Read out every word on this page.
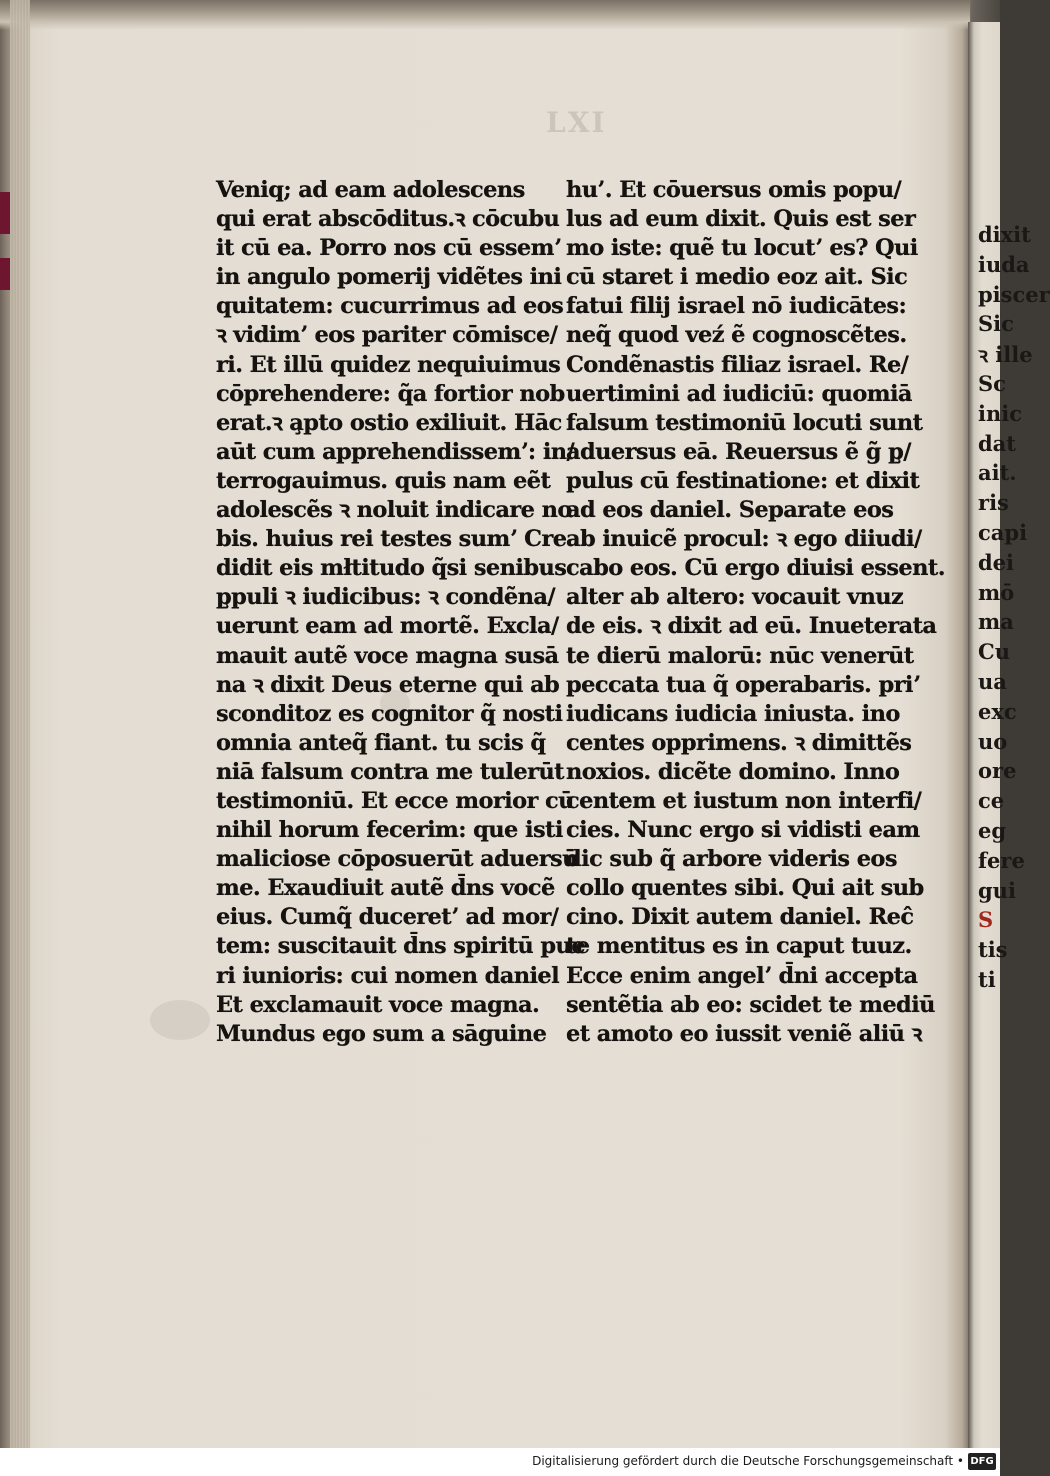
LXI
Veniq; ad eam adolescens
qui erat abscōditus.ꝛ cōcubu
it cū ea. Porro nos cū essemʼ
in angulo pomerij vidẽtes ini
quitatem: cucurrimus ad eos
ꝛ vidimʼ eos pariter cōmisce/
ri. Et illū quidez nequiuimus
cōprehendere: q̃a fortior nob
erat.ꝛ a̧pto ostio exiliuit. Hāc
aūt cum apprehendissemʼ: in/
terrogauimus. quis nam eẽt
adolescẽs ꝛ noluit indicare no
bis. huius rei testes sumʼ Cre
didit eis młtitudo q̃si senibus
p̧puli ꝛ iudicibus: ꝛ condẽna/
uerunt eam ad mortẽ. Excla/
mauit autẽ voce magna susā
na ꝛ dixit Deus eterne qui ab
sconditoz es cognitor q̃ nosti
omnia anteq̃ fiant. tu scis q̃
niā falsum contra me tulerūt
testimoniū. Et ecce morior cū
nihil horum fecerim: que isti
maliciose cōposuerūt aduersū
me. Exaudiuit autẽ d̄ns vocẽ
eius. Cumq̃ duceretʼ ad mor/
tem: suscitauit d̄ns spiritū pue
ri iunioris: cui nomen daniel
Et exclamauit voce magna.
Mundus ego sum a sāguine
hu’. Et cōuersus omis popu/
lus ad eum dixit. Quis est ser
mo iste: quẽ tu locutʼ es? Qui
cū staret i medio eoz ait. Sic
fatui filij israel nō iudicātes:
neq̃ quod veź ẽ cognoscẽtes.
Condẽnastis filiaz israel. Re/
uertimini ad iudiciū: quomiā
falsum testimoniū locuti sunt
aduersus eā. Reuersus ẽ g̃ p̧/
pulus cū festinatione: et dixit
ad eos daniel. Separate eos
ab inuicẽ procul: ꝛ ego diiudi/
cabo eos. Cū ergo diuisi essent.
alter ab altero: vocauit vnuz
de eis. ꝛ dixit ad eū. Inueterata
te dierū malorū: nūc venerūt
peccata tua q̃ operabaris. priʼ
iudicans iudicia iniusta. ino
centes opprimens. ꝛ dimittẽs
noxios. dicẽte domino. Inno
centem et iustum non interfi/
cies. Nunc ergo si vidisti eam
dic sub q̃ arbore videris eos
collo quentes sibi. Qui ait sub
cino. Dixit autem daniel. Reĉ
te mentitus es in caput tuuz.
Ecce enim angelʼ d̄ni accepta
sentẽtia ab eo: scidet te mediū
et amoto eo iussit veniẽ aliū ꝛ
dixit
iuda
piscer
Sic
ꝛ ille
Sc
inic
dat
ait.
ris
capi
dei
mō
ma
Cu
ua
exc
uo
ore
ce
eg
fere
gui
S
tis
ti
Digitalisierung gefördert durch die Deutsche Forschungsgemeinschaft • DFG
